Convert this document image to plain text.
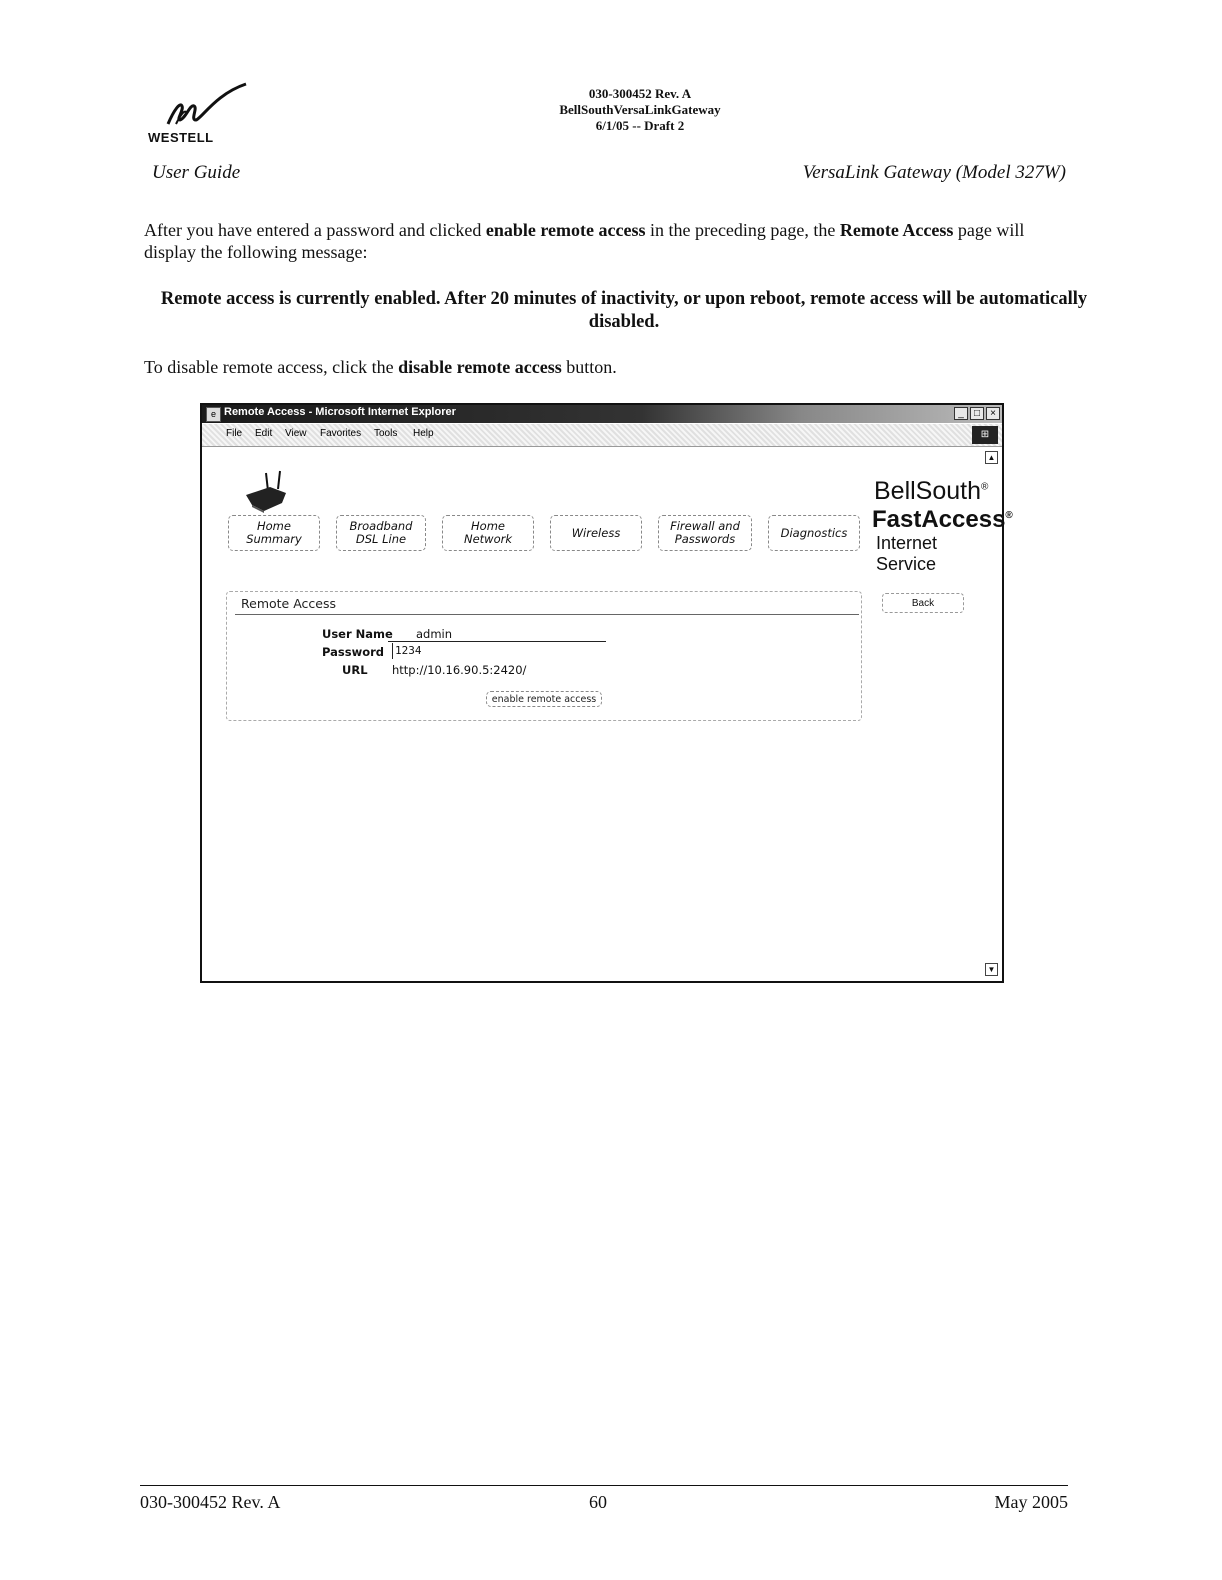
WESTELL
030-300452 Rev. A
BellSouthVersaLinkGateway
6/1/05 -- Draft 2
User Guide	VersaLink Gateway (Model 327W)
After you have entered a password and clicked enable remote access in the preceding page, the Remote Access page will display the following message:
Remote access is currently enabled. After 20 minutes of inactivity, or upon reboot, remote access will be automatically disabled.
To disable remote access, click the disable remote access button.
e Remote Access - Microsoft Internet Explorer	_	□	×
File Edit View Favorites Tools Help	⊞
▲
▼
Home
Summary
Broadband
DSL Line
Home
Network	Wireless	Firewall and
Passwords	Diagnostics
BellSouth®
FastAccess®
Internet Service
Remote Access	Back
User Name admin
Password 1234
URL http://10.16.90.5:2420/
enable remote access
030-300452 Rev. A	60	May 2005
